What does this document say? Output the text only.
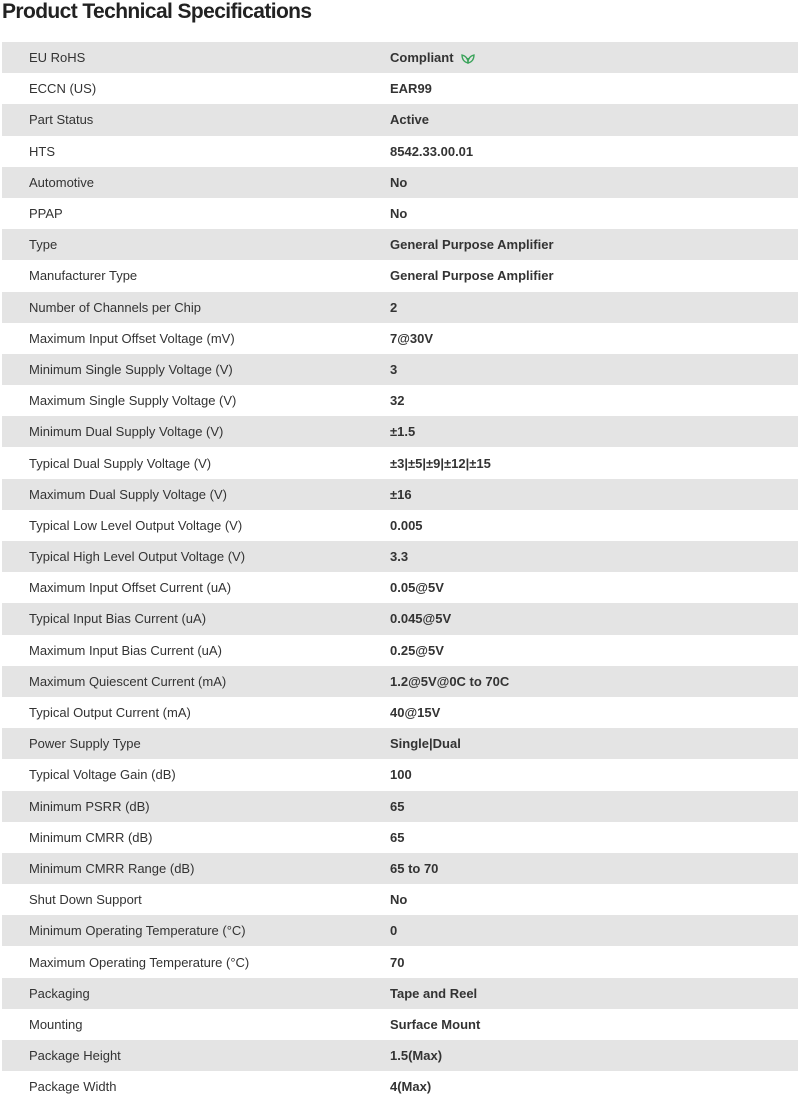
Product Technical Specifications
EU RoHS	Compliant
ECCN (US)	EAR99
Part Status	Active
HTS	8542.33.00.01
Automotive	No
PPAP	No
Type	General Purpose Amplifier
Manufacturer Type	General Purpose Amplifier
Number of Channels per Chip	2
Maximum Input Offset Voltage (mV)	7@30V
Minimum Single Supply Voltage (V)	3
Maximum Single Supply Voltage (V)	32
Minimum Dual Supply Voltage (V)	±1.5
Typical Dual Supply Voltage (V)	±3|±5|±9|±12|±15
Maximum Dual Supply Voltage (V)	±16
Typical Low Level Output Voltage (V)	0.005
Typical High Level Output Voltage (V)	3.3
Maximum Input Offset Current (uA)	0.05@5V
Typical Input Bias Current (uA)	0.045@5V
Maximum Input Bias Current (uA)	0.25@5V
Maximum Quiescent Current (mA)	1.2@5V@0C to 70C
Typical Output Current (mA)	40@15V
Power Supply Type	Single|Dual
Typical Voltage Gain (dB)	100
Minimum PSRR (dB)	65
Minimum CMRR (dB)	65
Minimum CMRR Range (dB)	65 to 70
Shut Down Support	No
Minimum Operating Temperature (°C)	0
Maximum Operating Temperature (°C)	70
Packaging	Tape and Reel
Mounting	Surface Mount
Package Height	1.5(Max)
Package Width	4(Max)
